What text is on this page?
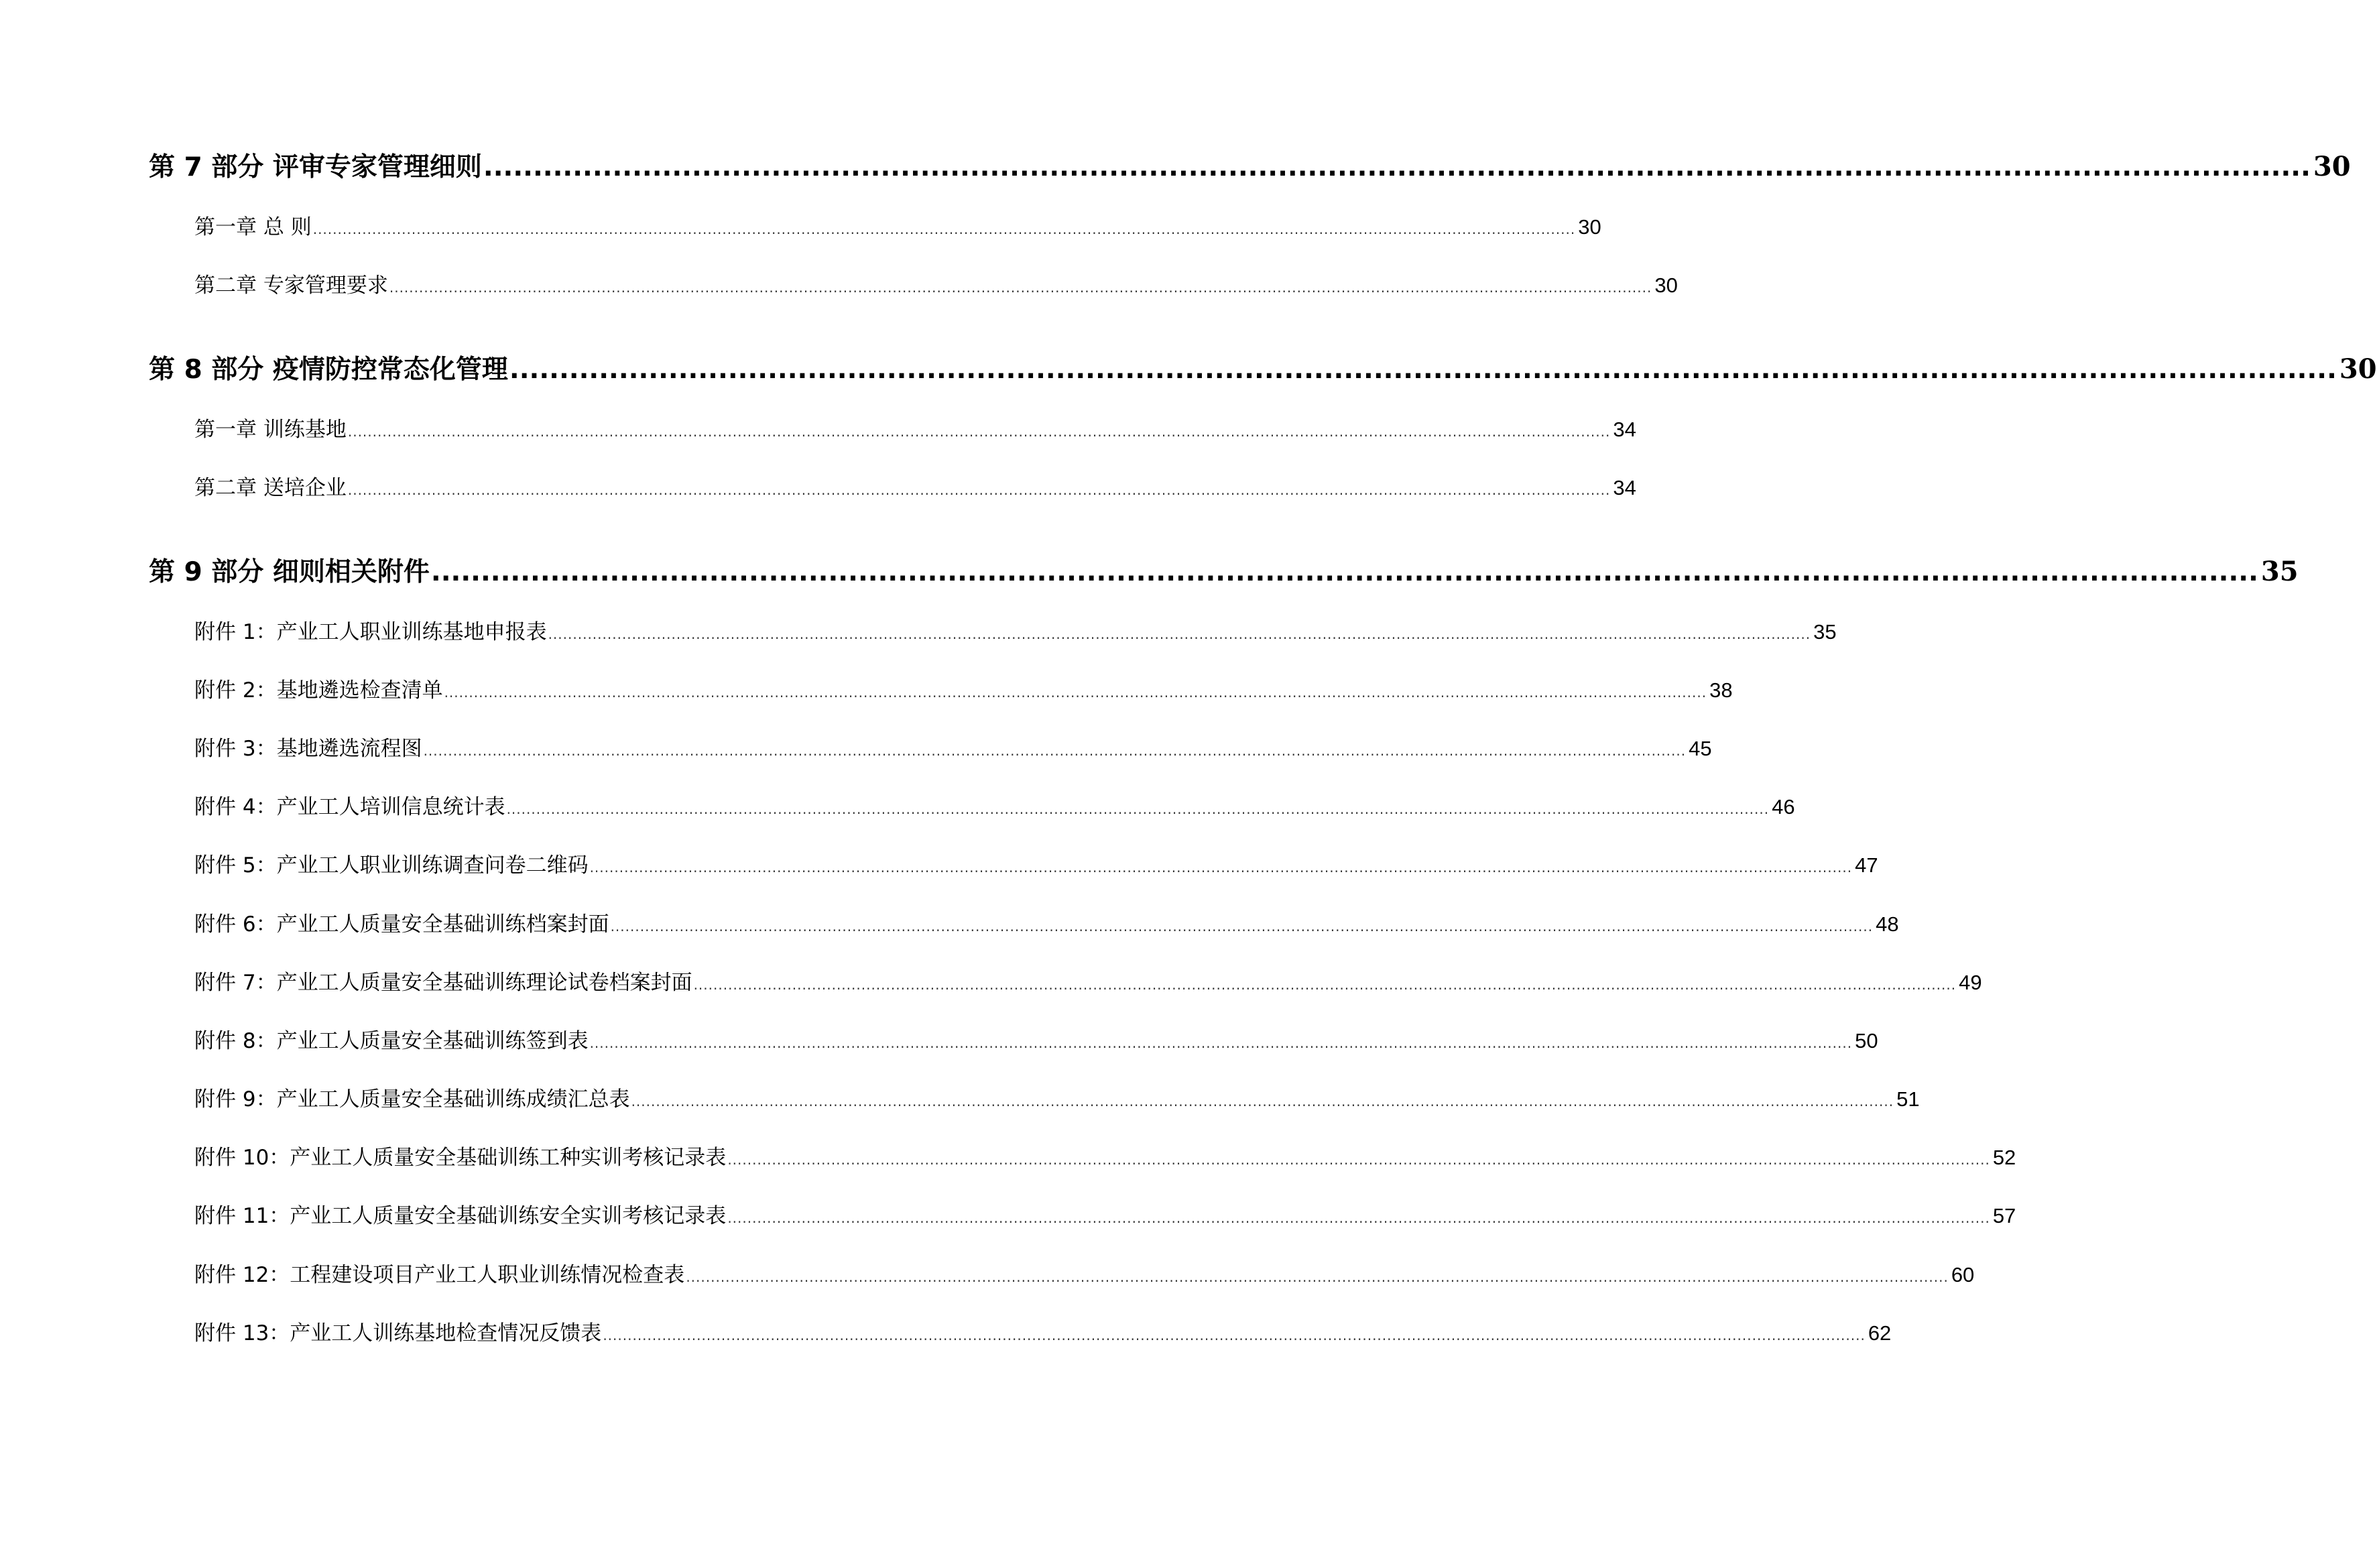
第 7 部分 评审专家管理细则 ........................................................................................................................................................................................ 30
第一章 总 则 ................................................................................................................................................................................................................................................................ 30
第二章 专家管理要求 ................................................................................................................................................................................................................................................................ 30
第 8 部分 疫情防控常态化管理 ........................................................................................................................................................................................ 30
第一章 训练基地 ................................................................................................................................................................................................................................................................ 34
第二章 送培企业 ................................................................................................................................................................................................................................................................ 34
第 9 部分 细则相关附件 ........................................................................................................................................................................................ 35
附件 1：产业工人职业训练基地申报表 ................................................................................................................................................................................................................................................................ 35
附件 2：基地遴选检查清单 ................................................................................................................................................................................................................................................................ 38
附件 3：基地遴选流程图 ................................................................................................................................................................................................................................................................ 45
附件 4：产业工人培训信息统计表 ................................................................................................................................................................................................................................................................ 46
附件 5：产业工人职业训练调查问卷二维码 ................................................................................................................................................................................................................................................................ 47
附件 6：产业工人质量安全基础训练档案封面 ................................................................................................................................................................................................................................................................ 48
附件 7：产业工人质量安全基础训练理论试卷档案封面 ................................................................................................................................................................................................................................................................ 49
附件 8：产业工人质量安全基础训练签到表 ................................................................................................................................................................................................................................................................ 50
附件 9：产业工人质量安全基础训练成绩汇总表 ................................................................................................................................................................................................................................................................ 51
附件 10：产业工人质量安全基础训练工种实训考核记录表 ................................................................................................................................................................................................................................................................ 52
附件 11：产业工人质量安全基础训练安全实训考核记录表 ................................................................................................................................................................................................................................................................ 57
附件 12：工程建设项目产业工人职业训练情况检查表 ................................................................................................................................................................................................................................................................ 60
附件 13：产业工人训练基地检查情况反馈表 ................................................................................................................................................................................................................................................................ 62
